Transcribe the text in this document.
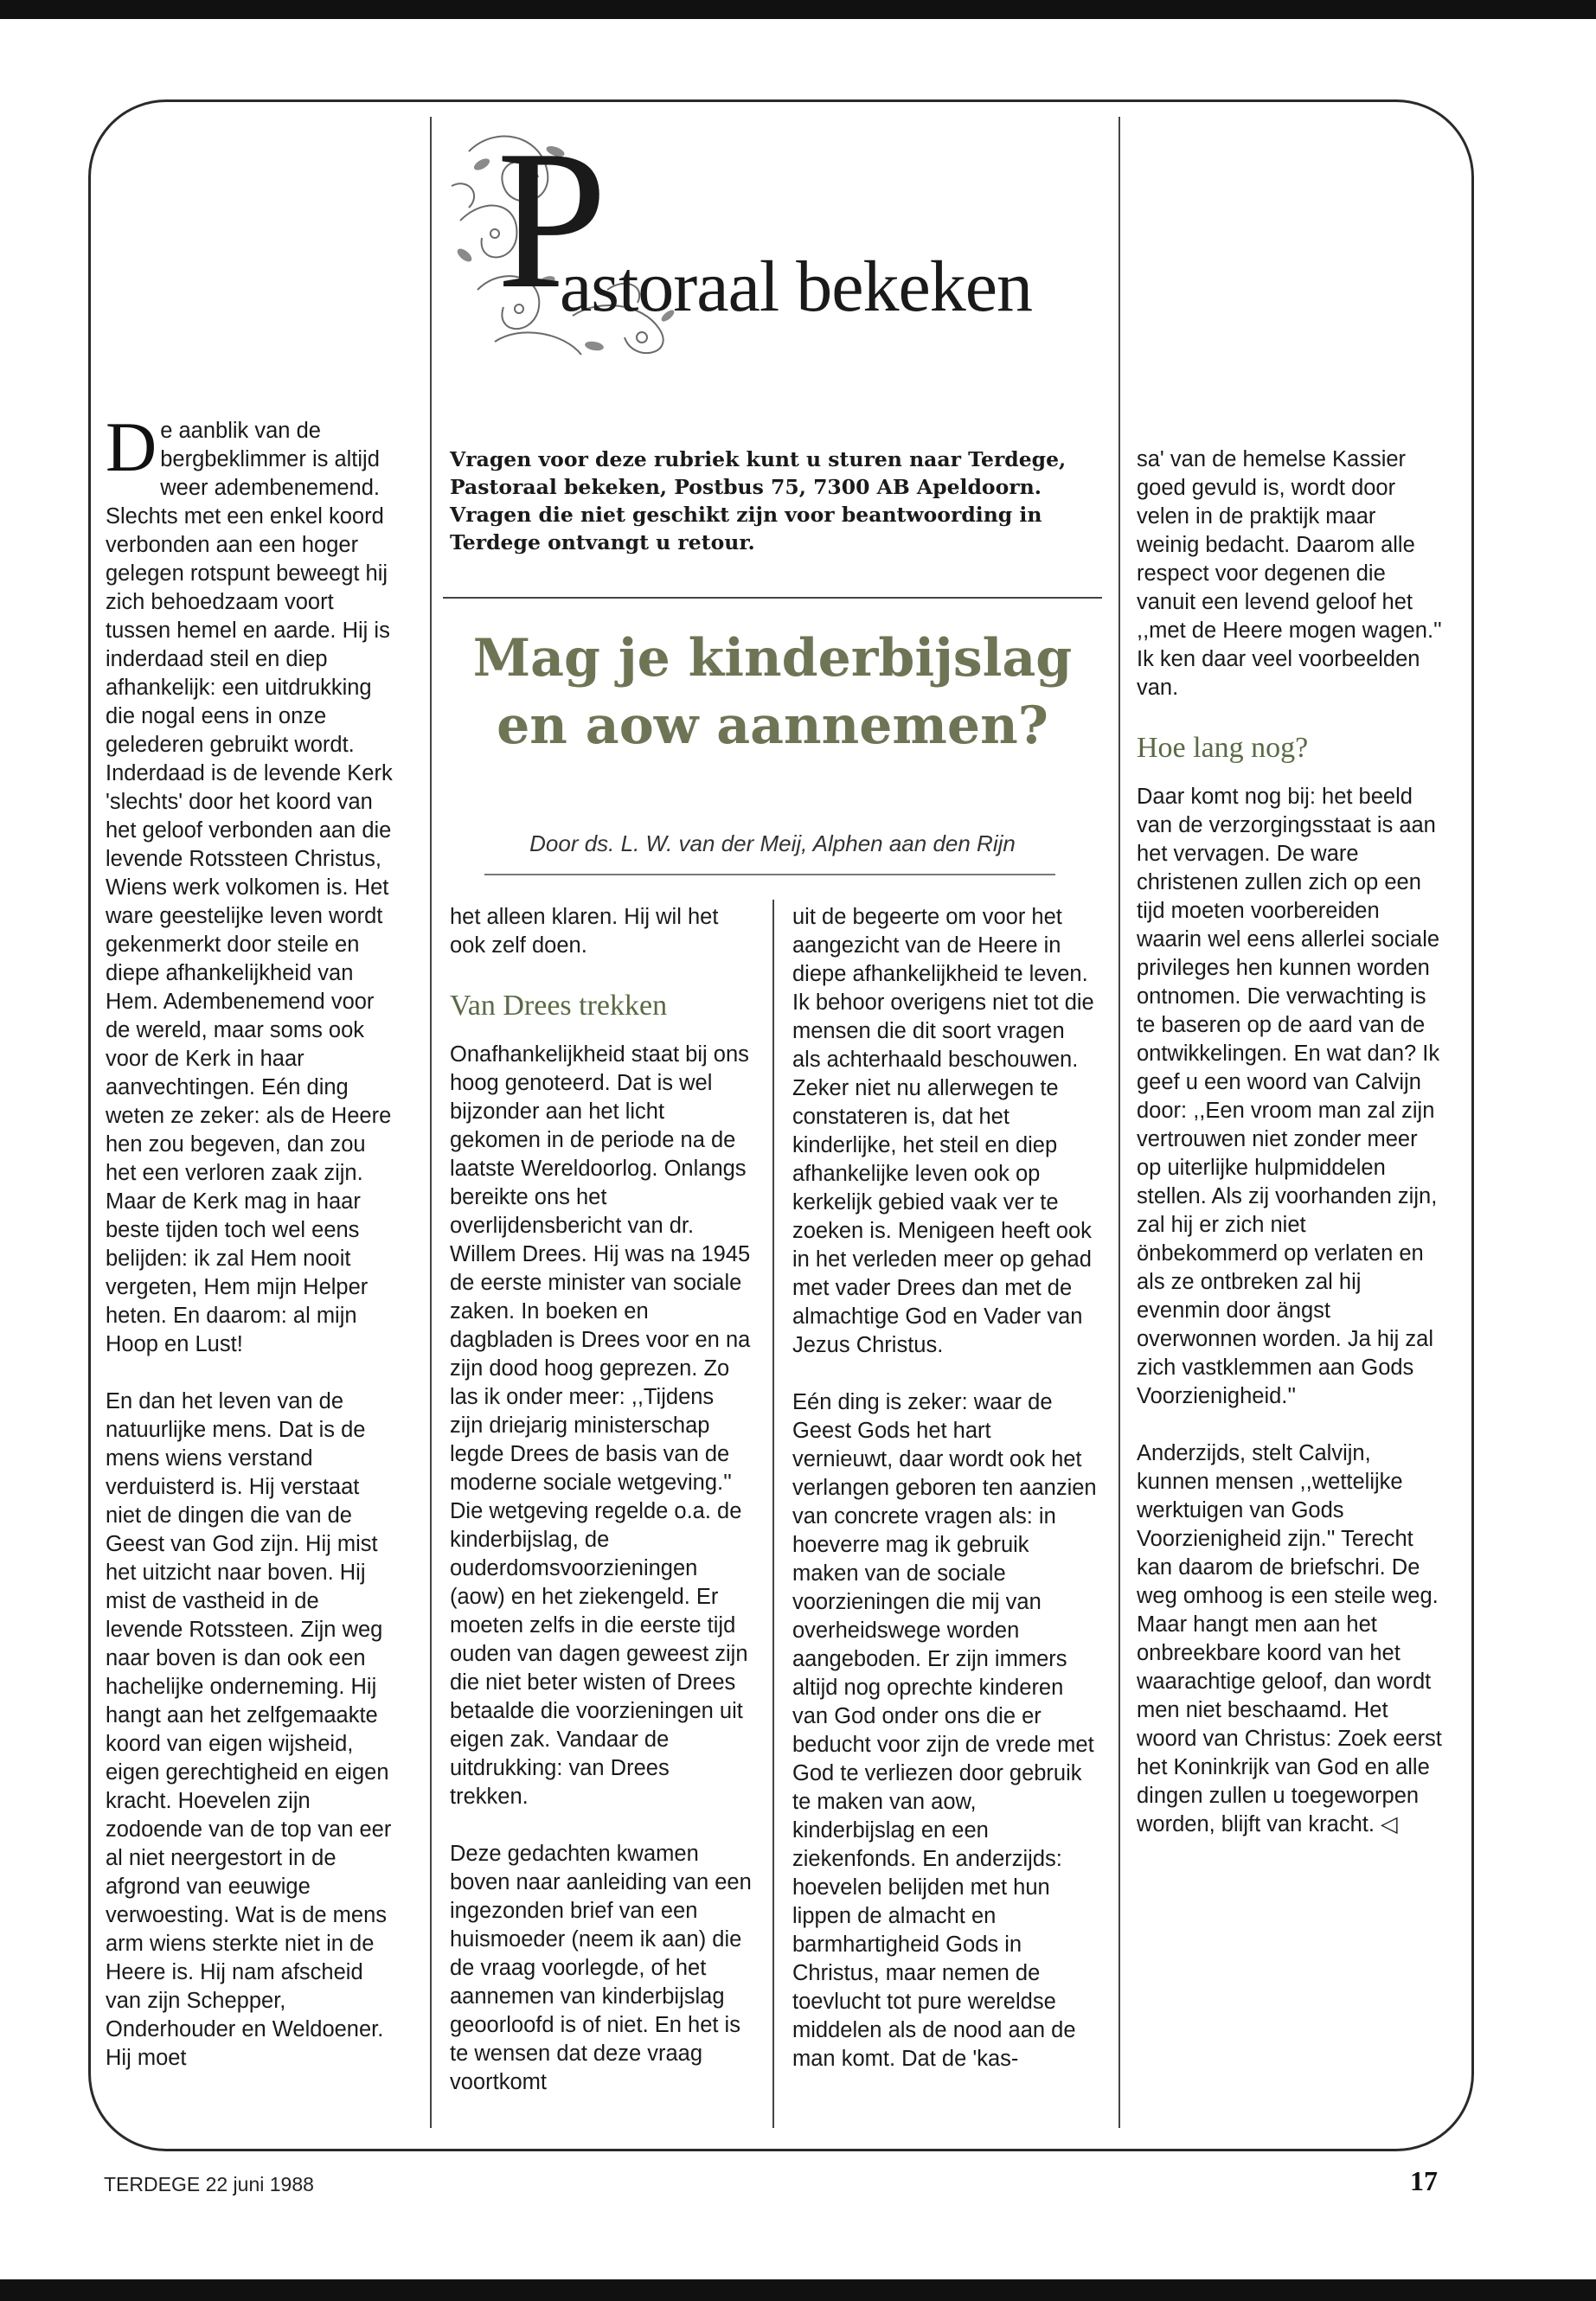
P
astoraal bekeken
Vragen voor deze rubriek kunt u sturen naar Terdege, Pastoraal bekeken, Postbus 75, 7300 AB Apeldoorn. Vragen die niet geschikt zijn voor beantwoording in Terdege ontvangt u retour.
Mag je kinderbijslag en aow aannemen?
Door ds. L. W. van der Meij, Alphen aan den Rijn

De aanblik van de bergbeklimmer is altijd weer adembenemend. Slechts met een enkel koord verbonden aan een hoger gelegen rotspunt beweegt hij zich behoedzaam voort tussen hemel en aarde. Hij is inderdaad steil en diep afhankelijk: een uitdrukking die nogal eens in onze gelederen gebruikt wordt. Inderdaad is de levende Kerk 'slechts' door het koord van het geloof verbonden aan die levende Rotssteen Christus, Wiens werk volkomen is. Het ware geestelijke leven wordt gekenmerkt door steile en diepe afhankelijkheid van Hem. Adembenemend voor de wereld, maar soms ook voor de Kerk in haar aanvechtingen. Eén ding weten ze zeker: als de Heere hen zou begeven, dan zou het een verloren zaak zijn. Maar de Kerk mag in haar beste tijden toch wel eens belijden: ik zal Hem nooit vergeten, Hem mijn Helper heten. En daarom: al mijn Hoop en Lust!

En dan het leven van de natuurlijke mens. Dat is de mens wiens verstand verduisterd is. Hij verstaat niet de dingen die van de Geest van God zijn. Hij mist het uitzicht naar boven. Hij mist de vastheid in de levende Rotssteen. Zijn weg naar boven is dan ook een hachelijke onderneming. Hij hangt aan het zelfgemaakte koord van eigen wijsheid, eigen gerechtigheid en eigen kracht. Hoevelen zijn zodoende van de top van eer al niet neergestort in de afgrond van eeuwige verwoesting. Wat is de mens arm wiens sterkte niet in de Heere is. Hij nam afscheid van zijn Schepper, Onderhouder en Weldoener. Hij moet

het alleen klaren. Hij wil het ook zelf doen.

Van Drees trekken

Onafhankelijkheid staat bij ons hoog genoteerd. Dat is wel bijzonder aan het licht gekomen in de periode na de laatste Wereldoorlog. Onlangs bereikte ons het overlijdensbericht van dr. Willem Drees. Hij was na 1945 de eerste minister van sociale zaken. In boeken en dagbladen is Drees voor en na zijn dood hoog geprezen. Zo las ik onder meer: ,,Tijdens zijn driejarig ministerschap legde Drees de basis van de moderne sociale wetgeving.'' Die wetgeving regelde o.a. de kinderbijslag, de ouderdomsvoorzieningen (aow) en het ziekengeld. Er moeten zelfs in die eerste tijd ouden van dagen geweest zijn die niet beter wisten of Drees betaalde die voorzieningen uit eigen zak. Vandaar de uitdrukking: van Drees trekken.

Deze gedachten kwamen boven naar aanleiding van een ingezonden brief van een huismoeder (neem ik aan) die de vraag voorlegde, of het aannemen van kinderbijslag geoorloofd is of niet. En het is te wensen dat deze vraag voortkomt

uit de begeerte om voor het aangezicht van de Heere in diepe afhankelijkheid te leven. Ik behoor overigens niet tot die mensen die dit soort vragen als achterhaald beschouwen. Zeker niet nu allerwegen te constateren is, dat het kinderlijke, het steil en diep afhankelijke leven ook op kerkelijk gebied vaak ver te zoeken is. Menigeen heeft ook in het verleden meer op gehad met vader Drees dan met de almachtige God en Vader van Jezus Christus.

Eén ding is zeker: waar de Geest Gods het hart vernieuwt, daar wordt ook het verlangen geboren ten aanzien van concrete vragen als: in hoeverre mag ik gebruik maken van de sociale voorzieningen die mij van overheidswege worden aangeboden. Er zijn immers altijd nog oprechte kinderen van God onder ons die er beducht voor zijn de vrede met God te verliezen door gebruik te maken van aow, kinderbijslag en een ziekenfonds. En anderzijds: hoevelen belijden met hun lippen de almacht en barmhartigheid Gods in Christus, maar nemen de toevlucht tot pure wereldse middelen als de nood aan de man komt. Dat de 'kas-

sa' van de hemelse Kassier goed gevuld is, wordt door velen in de praktijk maar weinig bedacht. Daarom alle respect voor degenen die vanuit een levend geloof het ,,met de Heere mogen wagen.'' Ik ken daar veel voorbeelden van.

Hoe lang nog?

Daar komt nog bij: het beeld van de verzorgingsstaat is aan het vervagen. De ware christenen zullen zich op een tijd moeten voorbereiden waarin wel eens allerlei sociale privileges hen kunnen worden ontnomen. Die verwachting is te baseren op de aard van de ontwikkelingen. En wat dan? Ik geef u een woord van Calvijn door: ,,Een vroom man zal zijn vertrouwen niet zonder meer op uiterlijke hulpmiddelen stellen. Als zij voorhanden zijn, zal hij er zich niet önbekommerd op verlaten en als ze ontbreken zal hij evenmin door ängst overwonnen worden. Ja hij zal zich vastklemmen aan Gods Voorzienigheid.''

Anderzijds, stelt Calvijn, kunnen mensen ,,wettelijke werktuigen van Gods Voorzienigheid zijn.'' Terecht kan daarom de briefschri. De weg omhoog is een steile weg. Maar hangt men aan het onbreekbare koord van het waarachtige geloof, dan wordt men niet beschaamd. Het woord van Christus: Zoek eerst het Koninkrijk van God en alle dingen zullen u toegeworpen worden, blijft van kracht. ◁

TERDEGE 22 juni 1988	17
